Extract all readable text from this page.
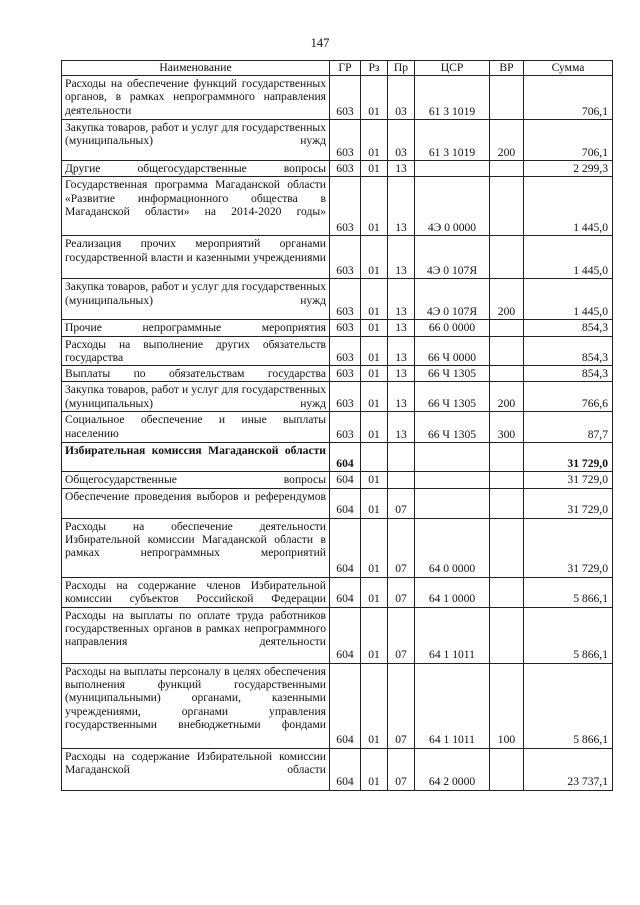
147
Наименование	ГР	Рз	Пр	ЦСР	ВР	Сумма
Расходы на обеспечение функций государственных органов, в рамках непрограммного направления деятельности	603	01	03	61 3 1019		706,1
Закупка товаров, работ и услуг для государственных (муниципальных) нужд	603	01	03	61 3 1019	200	706,1
Другие общегосударственные вопросы	603	01	13			2 299,3
Государственная программа Магаданской области «Развитие информационного общества в Магаданской области» на 2014-2020 годы»	603	01	13	4Э 0 0000		1 445,0
Реализация прочих мероприятий органами государственной власти и казенными учреждениями	603	01	13	4Э 0 107Я		1 445,0
Закупка товаров, работ и услуг для государственных (муниципальных) нужд	603	01	13	4Э 0 107Я	200	1 445,0
Прочие непрограммные мероприятия	603	01	13	66 0 0000		854,3
Расходы на выполнение других обязательств государства	603	01	13	66 Ч 0000		854,3
Выплаты по обязательствам государства	603	01	13	66 Ч 1305		854,3
Закупка товаров, работ и услуг для государственных (муниципальных) нужд	603	01	13	66 Ч 1305	200	766,6
Социальное обеспечение и иные выплаты населению	603	01	13	66 Ч 1305	300	87,7
Избирательная комиссия Магаданской области	604					31 729,0
Общегосударственные вопросы	604	01				31 729,0
Обеспечение проведения выборов и референдумов	604	01	07			31 729,0
Расходы на обеспечение деятельности Избирательной комиссии Магаданской области в рамках непрограммных мероприятий	604	01	07	64 0 0000		31 729,0
Расходы на содержание членов Избирательной комиссии субъектов Российской Федерации	604	01	07	64 1 0000		5 866,1
Расходы на выплаты по оплате труда работников государственных органов в рамках непрограммного направления деятельности	604	01	07	64 1 1011		5 866,1
Расходы на выплаты персоналу в целях обеспечения выполнения функций государственными (муниципальными) органами, казенными учреждениями, органами управления государственными внебюджетными фондами	604	01	07	64 1 1011	100	5 866,1
Расходы на содержание Избирательной комиссии Магаданской области	604	01	07	64 2 0000		23 737,1
